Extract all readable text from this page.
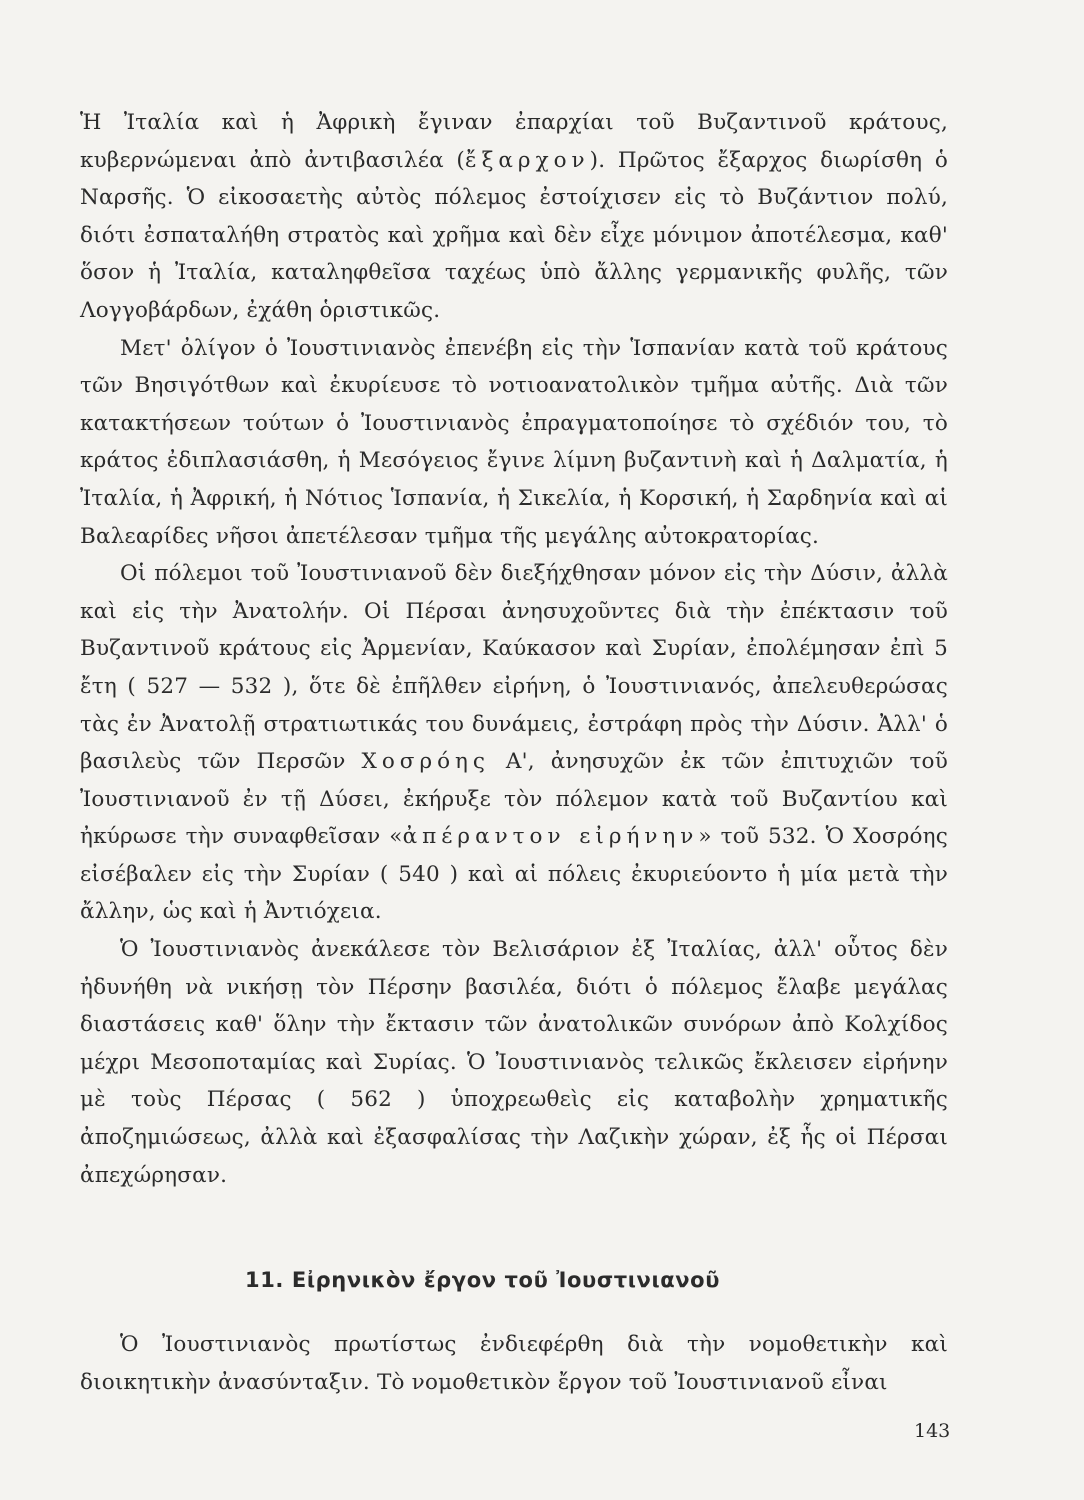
Ἡ Ἰταλία καὶ ἡ Ἀφρικὴ ἔγιναν ἐπαρχίαι τοῦ Βυζαντινοῦ κράτους, κυβερνώμεναι ἀπὸ ἀντιβασιλέα (ἔξαρχον). Πρῶτος ἔξαρχος διωρίσθη ὁ Ναρσῆς. Ὁ εἰκοσαετὴς αὐτὸς πόλεμος ἐστοίχισεν εἰς τὸ Βυζάντιον πολύ, διότι ἐσπαταλήθη στρατὸς καὶ χρῆμα καὶ δὲν εἶχε μόνιμον ἀποτέλεσμα, καθ' ὅσον ἡ Ἰταλία, καταληφθεῖσα ταχέως ὑπὸ ἄλλης γερμανικῆς φυλῆς, τῶν Λογγοβάρδων, ἐχάθη ὁριστικῶς.

Μετ' ὀλίγον ὁ Ἰουστινιανὸς ἐπενέβη εἰς τὴν Ἱσπανίαν κατὰ τοῦ κράτους τῶν Βησιγότθων καὶ ἐκυρίευσε τὸ νοτιοανατολικὸν τμῆμα αὐτῆς. Διὰ τῶν κατακτήσεων τούτων ὁ Ἰουστινιανὸς ἐπραγματοποίησε τὸ σχέδιόν του, τὸ κράτος ἐδιπλασιάσθη, ἡ Μεσόγειος ἔγινε λίμνη βυζαντινὴ καὶ ἡ Δαλματία, ἡ Ἰταλία, ἡ Ἀφρική, ἡ Νότιος Ἱσπανία, ἡ Σικελία, ἡ Κορσική, ἡ Σαρδηνία καὶ αἱ Βαλεαρίδες νῆσοι ἀπετέλεσαν τμῆμα τῆς μεγάλης αὐτοκρατορίας.

Οἱ πόλεμοι τοῦ Ἰουστινιανοῦ δὲν διεξήχθησαν μόνον εἰς τὴν Δύσιν, ἀλλὰ καὶ εἰς τὴν Ἀνατολήν. Οἱ Πέρσαι ἀνησυχοῦντες διὰ τὴν ἐπέκτασιν τοῦ Βυζαντινοῦ κράτους εἰς Ἀρμενίαν, Καύκασον καὶ Συρίαν, ἐπολέμησαν ἐπὶ 5 ἔτη ( 527 — 532 ), ὅτε δὲ ἐπῆλθεν εἰρήνη, ὁ Ἰουστινιανός, ἀπελευθερώσας τὰς ἐν Ἀνατολῇ στρατιωτικάς του δυνάμεις, ἐστράφη πρὸς τὴν Δύσιν. Ἀλλ' ὁ βασιλεὺς τῶν Περσῶν Χοσρόης Α', ἀνησυχῶν ἐκ τῶν ἐπιτυχιῶν τοῦ Ἰουστινιανοῦ ἐν τῇ Δύσει, ἐκήρυξε τὸν πόλεμον κατὰ τοῦ Βυζαντίου καὶ ἠκύρωσε τὴν συναφθεῖσαν «ἀπέραντον εἰρήνην» τοῦ 532. Ὁ Χοσρόης εἰσέβαλεν εἰς τὴν Συρίαν ( 540 ) καὶ αἱ πόλεις ἐκυριεύοντο ἡ μία μετὰ τὴν ἄλλην, ὡς καὶ ἡ Ἀντιόχεια.

Ὁ Ἰουστινιανὸς ἀνεκάλεσε τὸν Βελισάριον ἐξ Ἰταλίας, ἀλλ' οὗτος δὲν ἠδυνήθη νὰ νικήσῃ τὸν Πέρσην βασιλέα, διότι ὁ πόλεμος ἔλαβε μεγάλας διαστάσεις καθ' ὅλην τὴν ἔκτασιν τῶν ἀνατολικῶν συνόρων ἀπὸ Κολχίδος μέχρι Μεσοποταμίας καὶ Συρίας. Ὁ Ἰουστινιανὸς τελικῶς ἔκλεισεν εἰρήνην μὲ τοὺς Πέρσας ( 562 ) ὑποχρεωθεὶς εἰς καταβολὴν χρηματικῆς ἀποζημιώσεως, ἀλλὰ καὶ ἐξασφαλίσας τὴν Λαζικὴν χώραν, ἐξ ἧς οἱ Πέρσαι ἀπεχώρησαν.

11. Εἰρηνικὸν ἔργον τοῦ Ἰουστινιανοῦ

Ὁ Ἰουστινιανὸς πρωτίστως ἐνδιεφέρθη διὰ τὴν νομοθετικὴν καὶ διοικητικὴν ἀνασύνταξιν. Τὸ νομοθετικὸν ἔργον τοῦ Ἰουστινιανοῦ εἶναι

143
